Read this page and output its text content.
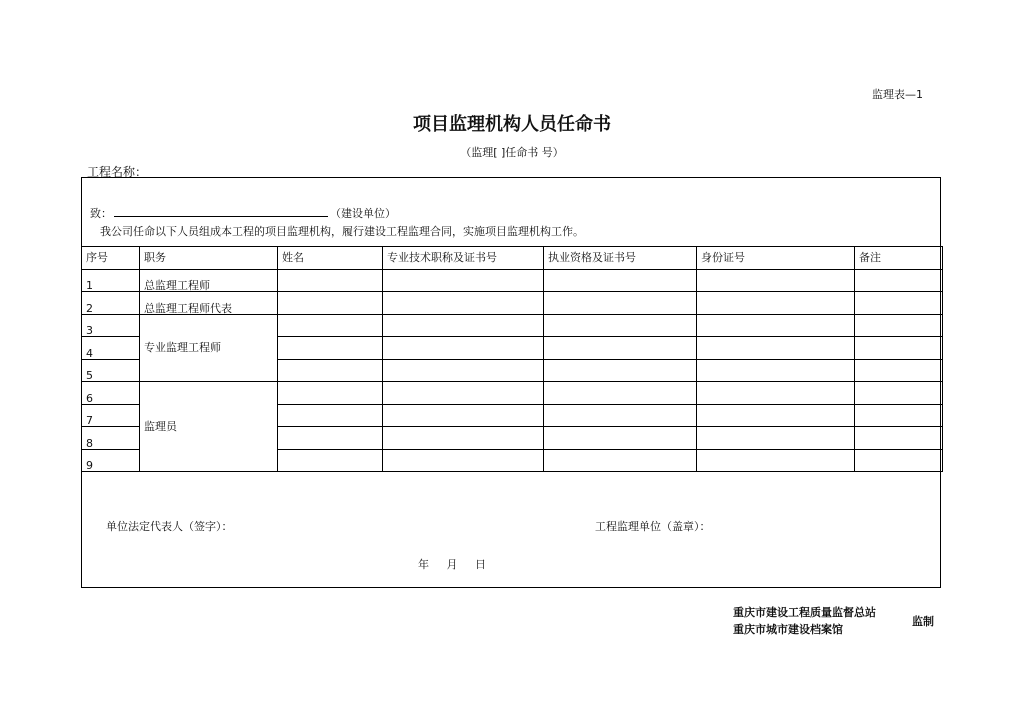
监理表—1
项目监理机构人员任命书
（监理[ ]任命书 号）
工程名称：
致：	（建设单位）
我公司任命以下人员组成本工程的项目监理机构，履行建设工程监理合同，实施项目监理机构工作。
序号	职务	姓名	专业技术职称及证书号	执业资格及证书号	身份证号	备注
1	总监理工程师					
2	总监理工程师代表					
3	专业监理工程师					
4						
5						
6	监理员					
7						
8						
9						
单位法定代表人（签字）：	工程监理单位（盖章）：
年 月 日
重庆市建设工程质量监督总站
重庆市城市建设档案馆
监制
